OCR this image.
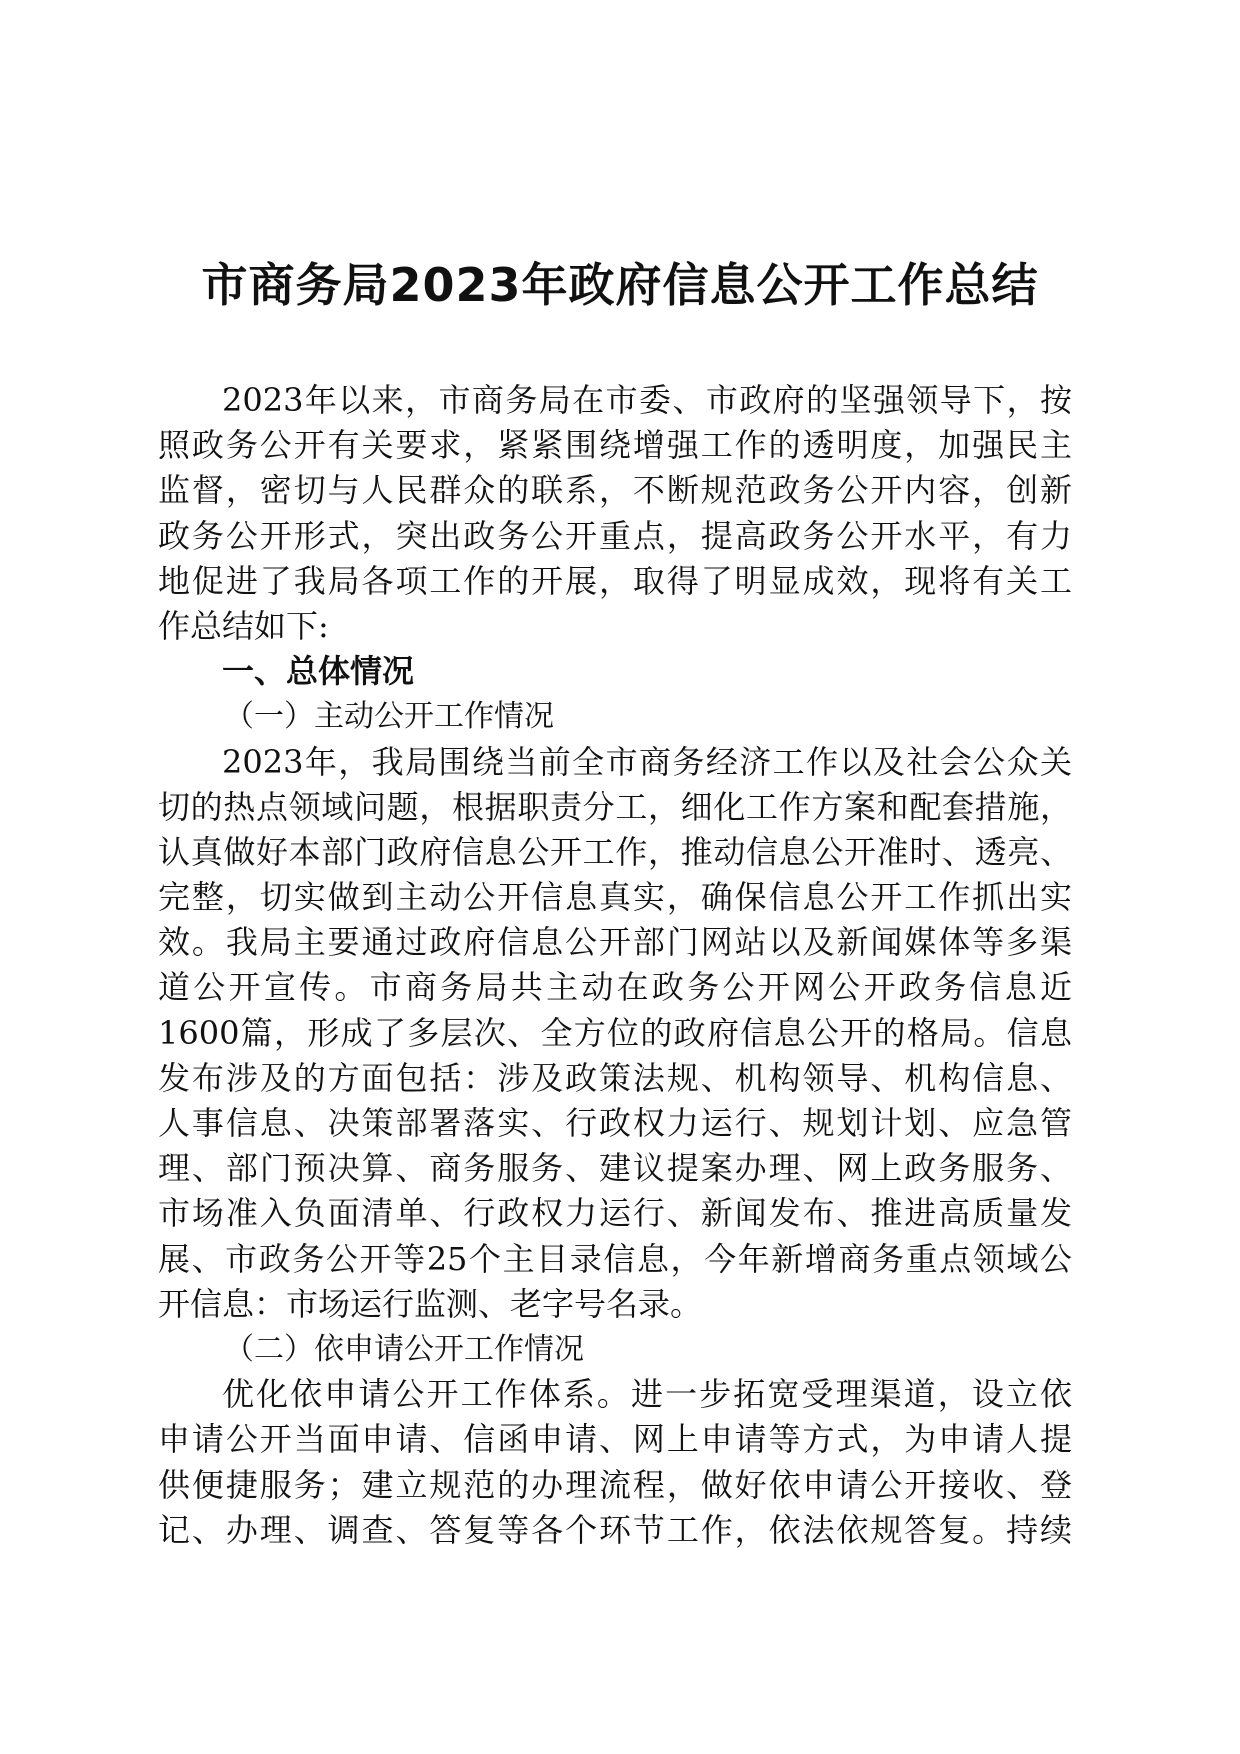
市商务局2023年政府信息公开工作总结
2023年以来，市商务局在市委、市政府的坚强领导下，按
照政务公开有关要求，紧紧围绕增强工作的透明度，加强民主
监督，密切与人民群众的联系，不断规范政务公开内容，创新
政务公开形式，突出政务公开重点，提高政务公开水平，有力
地促进了我局各项工作的开展，取得了明显成效，现将有关工
作总结如下:
一、总体情况
（一）主动公开工作情况
2023年，我局围绕当前全市商务经济工作以及社会公众关
切的热点领域问题，根据职责分工，细化工作方案和配套措施，
认真做好本部门政府信息公开工作，推动信息公开准时、透亮、
完整，切实做到主动公开信息真实，确保信息公开工作抓出实
效。我局主要通过政府信息公开部门网站以及新闻媒体等多渠
道公开宣传。市商务局共主动在政务公开网公开政务信息近
1600篇，形成了多层次、全方位的政府信息公开的格局。信息
发布涉及的方面包括：涉及政策法规、机构领导、机构信息、
人事信息、决策部署落实、行政权力运行、规划计划、应急管
理、部门预决算、商务服务、建议提案办理、网上政务服务、
市场准入负面清单、行政权力运行、新闻发布、推进高质量发
展、市政务公开等25个主目录信息，今年新增商务重点领域公
开信息：市场运行监测、老字号名录。
（二）依申请公开工作情况
优化依申请公开工作体系。进一步拓宽受理渠道，设立依
申请公开当面申请、信函申请、网上申请等方式，为申请人提
供便捷服务；建立规范的办理流程，做好依申请公开接收、登
记、办理、调查、答复等各个环节工作，依法依规答复。持续
